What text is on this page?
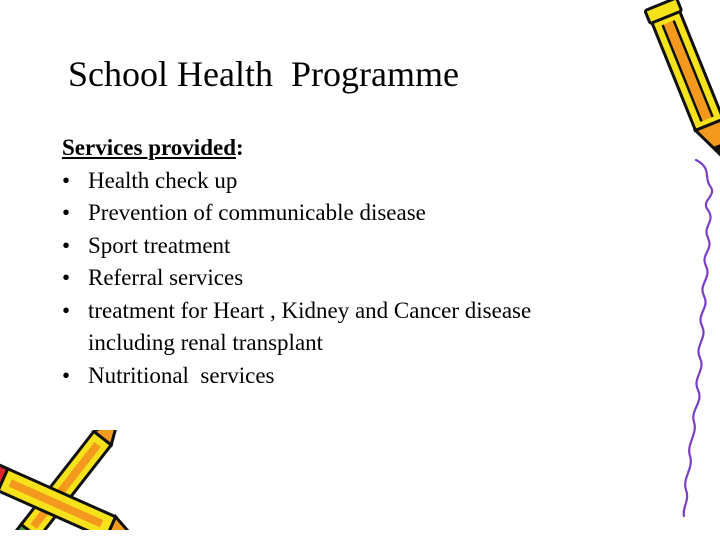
School Health  Programme
Services provided:
• Health check up
• Prevention of communicable disease
• Sport treatment
• Referral services
• treatment for Heart , Kidney and Cancer disease including renal transplant
• Nutritional  services
